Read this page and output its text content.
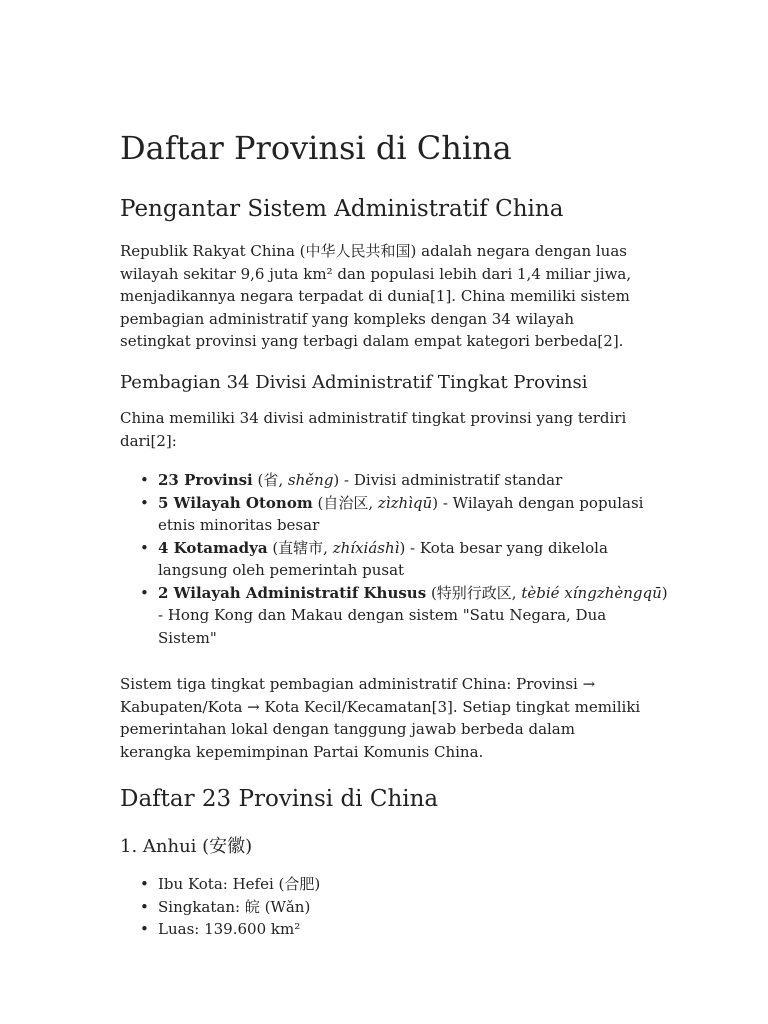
Daftar Provinsi di China
Pengantar Sistem Administratif China

Republik Rakyat China (中华人民共和国) adalah negara dengan luas
wilayah sekitar 9,6 juta km² dan populasi lebih dari 1,4 miliar jiwa,
menjadikannya negara terpadat di dunia[1]. China memiliki sistem
pembagian administratif yang kompleks dengan 34 wilayah
setingkat provinsi yang terbagi dalam empat kategori berbeda[2].

Pembagian 34 Divisi Administratif Tingkat Provinsi

China memiliki 34 divisi administratif tingkat provinsi yang terdiri
dari[2]:

• 23 Provinsi (省, shěng) - Divisi administratif standar
• 5 Wilayah Otonom (自治区, zìzhìqū) - Wilayah dengan populasi
etnis minoritas besar
• 4 Kotamadya (直辖市, zhíxiáshì) - Kota besar yang dikelola
langsung oleh pemerintah pusat
• 2 Wilayah Administratif Khusus (特别行政区, tèbié xíngzhèngqū)
- Hong Kong dan Makau dengan sistem "Satu Negara, Dua
Sistem"

Sistem tiga tingkat pembagian administratif China: Provinsi →
Kabupaten/Kota → Kota Kecil/Kecamatan[3]. Setiap tingkat memiliki
pemerintahan lokal dengan tanggung jawab berbeda dalam
kerangka kepemimpinan Partai Komunis China.

Daftar 23 Provinsi di China
1. Anhui (安徽)
• Ibu Kota: Hefei (合肥)
• Singkatan: 皖 (Wǎn)
• Luas: 139.600 km²
